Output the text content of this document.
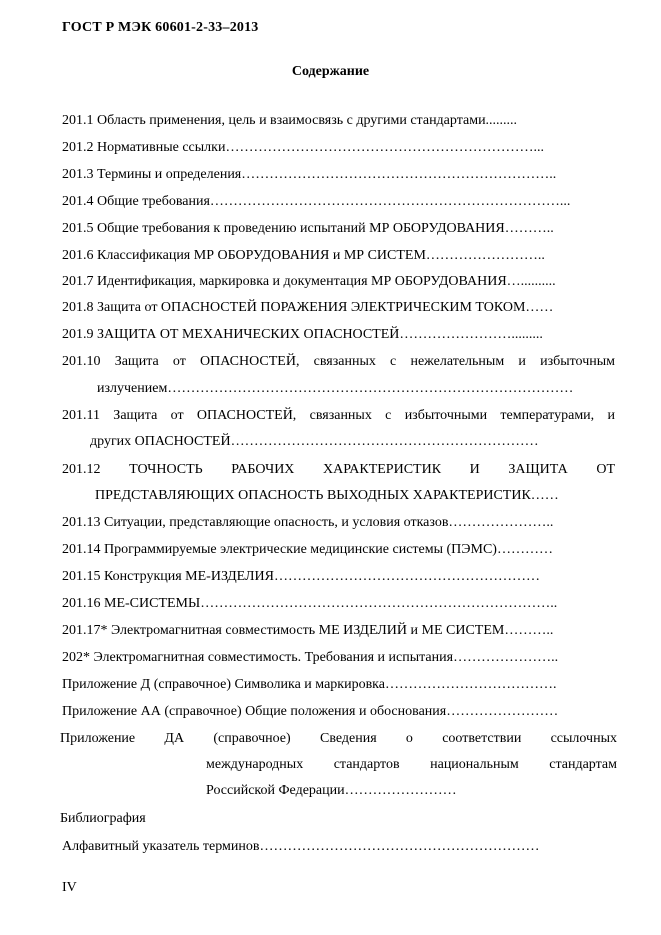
ГОСТ Р МЭК 60601-2-33–2013
Содержание
201.1 Область применения, цель и взаимосвязь с другими стандартами.........
201.2 Нормативные ссылки…………………………………………………………...
201.3 Термины и определения…………………………………………………………..
201.4 Общие требования…………………………………………………………………...
201.5 Общие требования к проведению испытаний МР ОБОРУДОВАНИЯ………..
201.6 Классификация МР ОБОРУДОВАНИЯ и МР СИСТЕМ……………………..
201.7 Идентификация, маркировка и документация МР ОБОРУДОВАНИЯ…..........
201.8 Защита от ОПАСНОСТЕЙ ПОРАЖЕНИЯ ЭЛЕКТРИЧЕСКИМ ТОКОМ……
201.9 ЗАЩИТА ОТ МЕХАНИЧЕСКИХ ОПАСНОСТЕЙ…………………….........
201.10 Защита от ОПАСНОСТЕЙ, связанных с нежелательным и избыточным
излучением……………………………………………………………………………
201.11 Защита от ОПАСНОСТЕЙ, связанных с избыточными температурами, и
других ОПАСНОСТЕЙ…………………………………………………………
201.12 ТОЧНОСТЬ РАБОЧИХ ХАРАКТЕРИСТИК И ЗАЩИТА ОТ
ПРЕДСТАВЛЯЮЩИХ ОПАСНОСТЬ ВЫХОДНЫХ ХАРАКТЕРИСТИК……
201.13 Ситуации, представляющие опасность, и условия отказов…………………..
201.14 Программируемые электрические медицинские системы (ПЭМС)…………
201.15 Конструкция МЕ-ИЗДЕЛИЯ…………………………………………………
201.16 МЕ-СИСТЕМЫ…………………………………………………………………..
201.17* Электромагнитная совместимость МЕ ИЗДЕЛИЙ и МЕ СИСТЕМ………..
202* Электромагнитная совместимость. Требования и испытания…………………..
Приложение Д (справочное) Символика и маркировка……………………………….
Приложение АА (справочное) Общие положения и обоснования……………………
Приложение ДА (справочное) Сведения о соответствии ссылочных
международных стандартов национальным стандартам
Российской Федерации……………………
Библиография
Алфавитный указатель терминов……………………………………………………
IV
